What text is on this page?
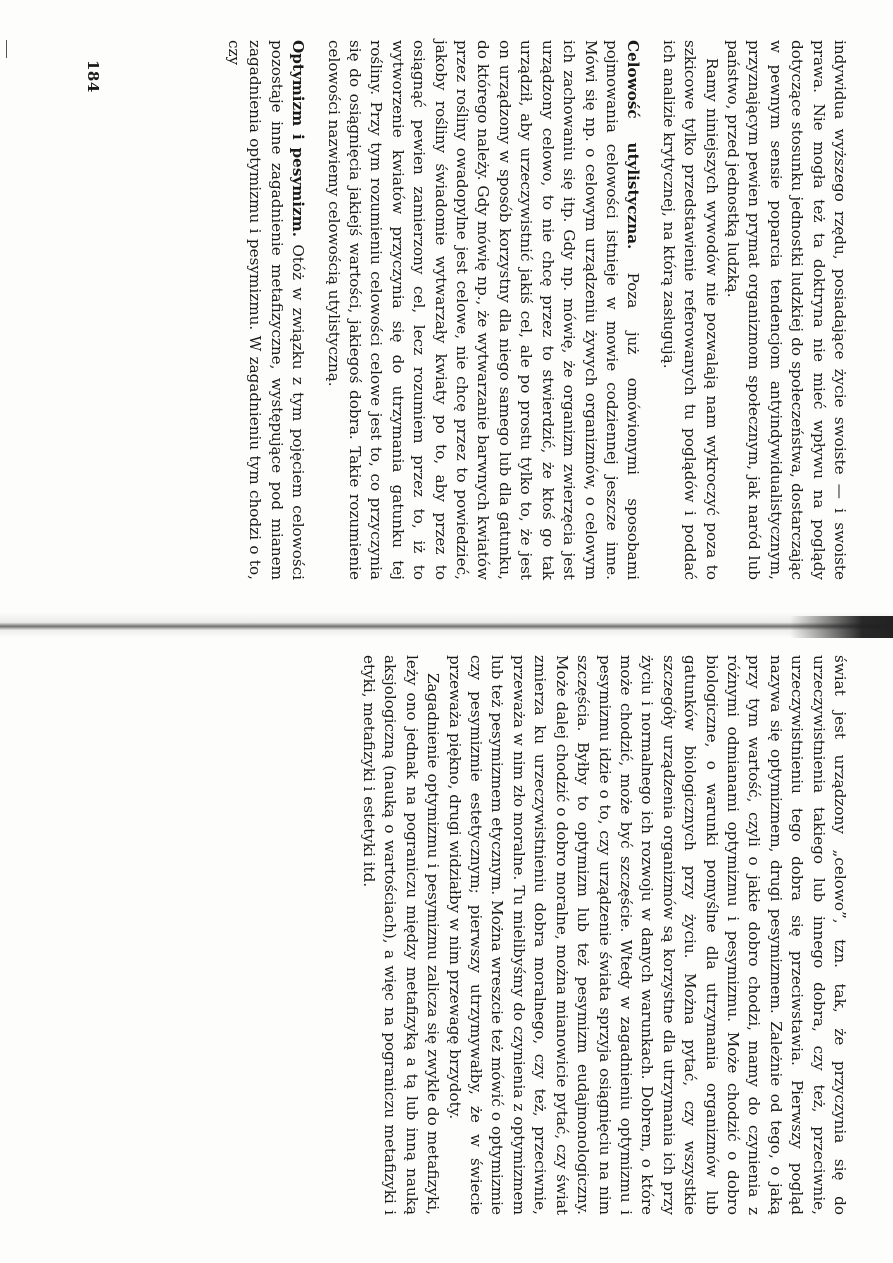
indywidua wyższego rzędu, posiadające życie swoiste — i swoiste prawa. Nie mogła też ta doktryna nie mieć wpływu na poglądy dotyczące stosunku jednostki ludzkiej do społeczeństwa, dostarczając w pewnym sensie poparcia tendencjom antyindywidualistycznym, przyznającym pewien prymat organizmom społecznym, jak naród lub państwo, przed jednostką ludzką.

Ramy niniejszych wywodów nie pozwalają nam wykroczyć poza to szkicowe tylko przedstawienie referowanych tu poglądów i poddać ich analizie krytycznej, na którą zasługują.

Celowość utylistyczna. Poza już omówionymi sposobami pojmowania celowości istnieje w mowie codziennej jeszcze inne. Mówi się np. o celowym urządzeniu żywych organizmów, o celowym ich zachowaniu się itp. Gdy np. mówię, że organizm zwierzęcia jest urządzony celowo, to nie chcę przez to stwierdzić, że ktoś go tak urządził, aby urzeczywistnić jakiś cel, ale po prostu tylko to, że jest on urządzony w sposób korzystny dla niego samego lub dla gatunku, do którego należy. Gdy mówię np., że wytwarzanie barwnych kwiatów przez rośliny owadopylne jest celowe, nie chcę przez to powiedzieć, jakoby rośliny świadomie wytwarzały kwiaty po to, aby przez to osiągnąć pewien zamierzony cel, lecz rozumiem przez to, iż to wytworzenie kwiatów przyczynia się do utrzymania gatunku tej rośliny. Przy tym rozumieniu celowości celowe jest to, co przyczynia się do osiągnięcia jakiejś wartości, jakiegoś dobra. Takie rozumienie celowości nazwiemy celowością utylistyczną.

Optymizm i pesymizm. Otóż w związku z tym pojęciem celowości pozostaje inne zagadnienie metafizyczne, występujące pod mianem zagadnienia optymizmu i pesymizmu. W zagadnieniu tym chodzi o to, czy

184

świat jest urządzony „celowo”, tzn. tak, że przyczynia się do urzeczywistnienia takiego lub innego dobra, czy też, przeciwnie, urzeczywistnieniu tego dobra się przeciwstawia. Pierwszy pogląd nazywa się optymizmem, drugi pesymizmem. Zależnie od tego, o jaką przy tym wartość, czyli o jakie dobro chodzi, mamy do czynienia z różnymi odmianami optymizmu i pesymizmu. Może chodzić o dobro biologiczne, o warunki pomyślne dla utrzymania organizmów lub gatunków biologicznych przy życiu. Można pytać, czy wszystkie szczegóły urządzenia organizmów są korzystne dla utrzymania ich przy życiu i normalnego ich rozwoju w danych warunkach. Dobrem, o które może chodzić, może być szczęście. Wtedy w zagadnieniu optymizmu i pesymizmu idzie o to, czy urządzenie świata sprzyja osiągnięciu na nim szczęścia. Byłby to optymizm lub też pesymizm eudajmonologiczny. Może dalej chodzić o dobro moralne, można mianowicie pytać, czy świat zmierza ku urzeczywistnieniu dobra moralnego, czy też, przeciwnie, przeważa w nim zło moralne. Tu mielibyśmy do czynienia z optymizmem lub też pesymizmem etycznym. Można wreszcie też mówić o optymizmie czy pesymizmie estetycznym; pierwszy utrzymywałby, że w świecie przeważa piękno, drugi widziałby w nim przewagę brzydoty.

Zagadnienie optymizmu i pesymizmu zalicza się zwykle do metafizyki, leży ono jednak na pograniczu między metafizyką a tą lub inną nauką aksjologiczną (nauką o wartościach), a więc na pograniczu metafizyki i etyki, metafizyki i estetyki itd.
